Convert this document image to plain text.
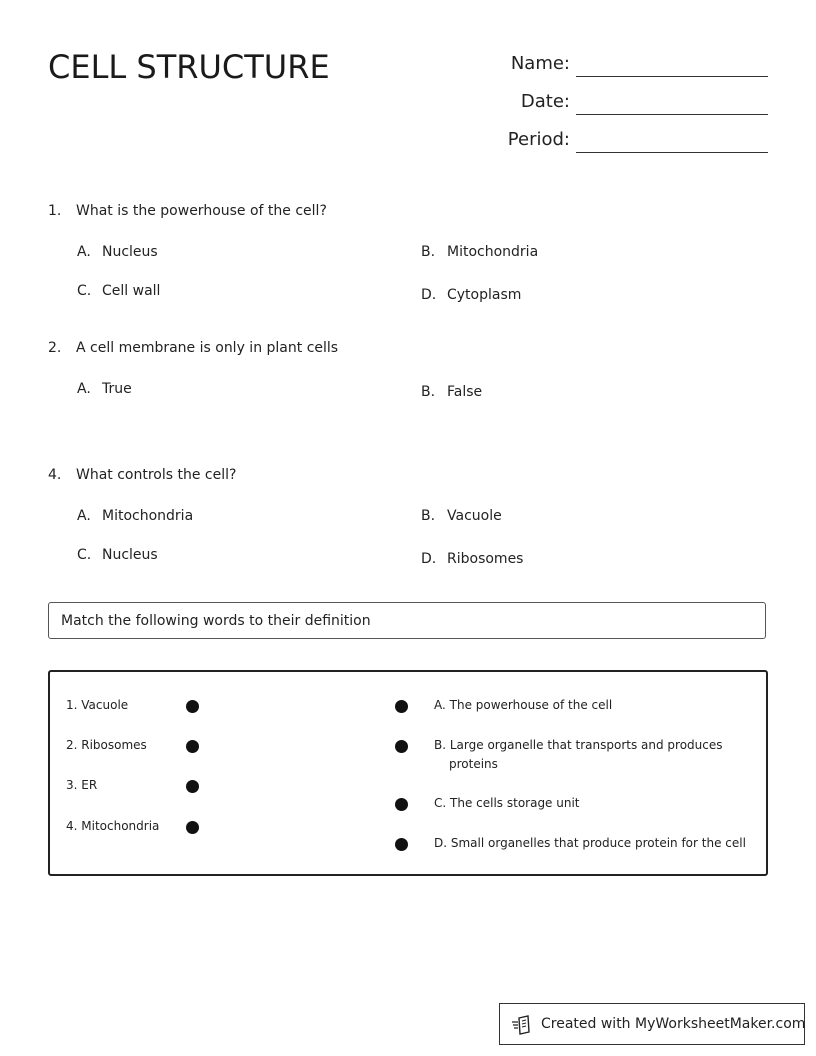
CELL STRUCTURE	Name:
Date:
Period:
1. What is the powerhouse of the cell?
A. Nucleus	B. Mitochondria
C. Cell wall	D. Cytoplasm
2. A cell membrane is only in plant cells
A. True	B. False
4. What controls the cell?
A. Mitochondria	B. Vacuole
C. Nucleus	D. Ribosomes
Match the following words to their definition
1. Vacuole
2. Ribosomes
3. ER
4. Mitochondria
A. The powerhouse of the cell
B. Large organelle that transports and produces proteins
C. The cells storage unit
D. Small organelles that produce protein for the cell
Created with MyWorksheetMaker.com
